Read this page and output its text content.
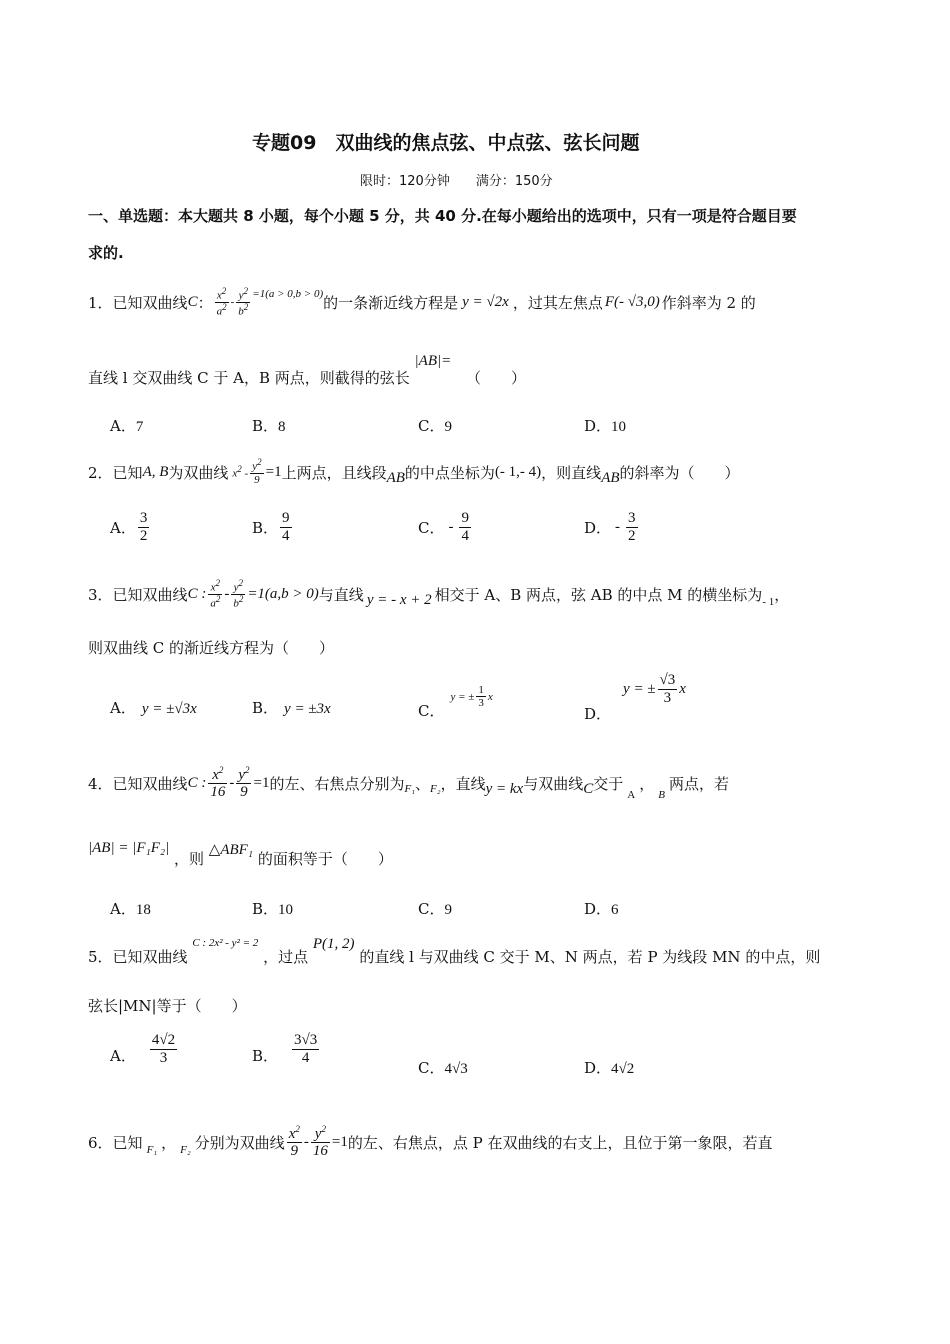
专题09　双曲线的焦点弦、中点弦、弦长问题
限时：120分钟　　满分：150分
一、单选题：本大题共 8 小题，每个小题 5 分，共 40 分.在每小题给出的选项中，只有一项是符合题目要
求的.
1． 已知双曲线 C ： $\frac{x^2}{a^2} - \frac{y^2}{b^2} =1(a > 0,b > 0)$ 的一条渐近线方程是 y = √2x ，过其左焦点 F(- √3,0) 作斜率为 2 的
直线 l 交双曲线 C 于 A，B 两点，则截得的弦长 |AB|= （　　）
A．7	B．8	C．9	D．10
2． 已知 A, B 为双曲线 $x^2 - \frac{y^2}{9} =1$ 上两点，且线段 AB 的中点坐标为 (- 1,- 4) ，则直线 AB 的斜率为（　　）
A． $\frac{3}{2}$	B． $\frac{9}{4}$	C． - $\frac{9}{4}$	D． - $\frac{3}{2}$
3． 已知双曲线 C : $\frac{x^2}{a^2} - \frac{y^2}{b^2} =1(a,b > 0)$ 与直线 y = - x + 2 相交于 A、B 两点，弦 AB 的中点 M 的横坐标为 - 1 ，
则双曲线 C 的渐近线方程为（　　）
A． y = ±√3x	B． y = ±3x	C．
y = ± $\frac{1}{3}$ x
D．
y = ± $\frac{√3}{3}$ x
4． 已知双曲线 C : $\frac{x^2}{16} - \frac{y^2}{9} =1$ 的左、右焦点分别为 F₁ 、 F₂ ，直线 y = kx 与双曲线 C 交于
A
，
B
两点，若
|AB| = |F₁F₂| ，则 △ABF₁ 的面积等于（　　）
A．18	B．10	C．9	D．6
5．已知双曲线 C : 2x² - y² = 2 ，过点 P(1, 2) 的直线 l 与双曲线 C 交于 M、N 两点，若 P 为线段 MN 的中点，则
弦长|MN|等于（　　）
A． $\frac{4√2}{3}$	B． $\frac{3√3}{4}$
C．4√3	D．4√2
6． 已知 F₁ ， F₂ 分别为双曲线 $\frac{x^2}{9} - \frac{y^2}{16} =1$ 的左、右焦点，点 P 在双曲线的右支上，且位于第一象限，若直
